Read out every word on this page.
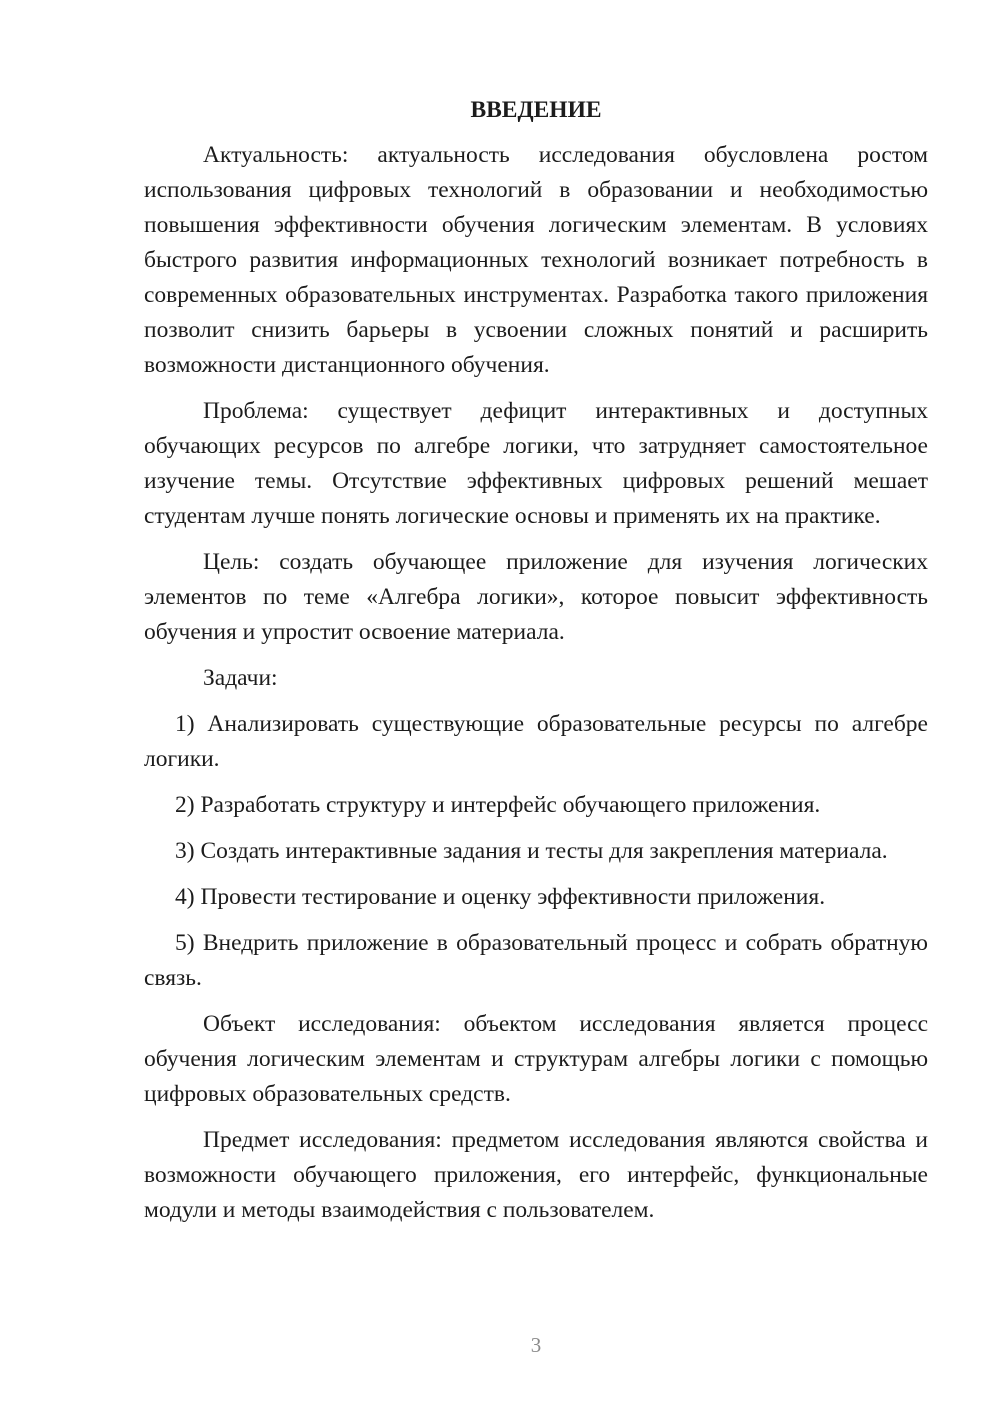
ВВЕДЕНИЕ

Актуальность: актуальность исследования обусловлена ростом использования цифровых технологий в образовании и необходимостью повышения эффективности обучения логическим элементам. В условиях быстрого развития информационных технологий возникает потребность в современных образовательных инструментах. Разработка такого приложения позволит снизить барьеры в усвоении сложных понятий и расширить возможности дистанционного обучения.

Проблема: существует дефицит интерактивных и доступных обучающих ресурсов по алгебре логики, что затрудняет самостоятельное изучение темы. Отсутствие эффективных цифровых решений мешает студентам лучше понять логические основы и применять их на практике.

Цель: создать обучающее приложение для изучения логических элементов по теме «Алгебра логики», которое повысит эффективность обучения и упростит освоение материала.

Задачи:

1) Анализировать существующие образовательные ресурсы по алгебре логики.

2) Разработать структуру и интерфейс обучающего приложения.

3) Создать интерактивные задания и тесты для закрепления материала.

4) Провести тестирование и оценку эффективности приложения.

5) Внедрить приложение в образовательный процесс и собрать обратную связь.

Объект исследования: объектом исследования является процесс обучения логическим элементам и структурам алгебры логики с помощью цифровых образовательных средств.

Предмет исследования: предметом исследования являются свойства и возможности обучающего приложения, его интерфейс, функциональные модули и методы взаимодействия с пользователем.

3
